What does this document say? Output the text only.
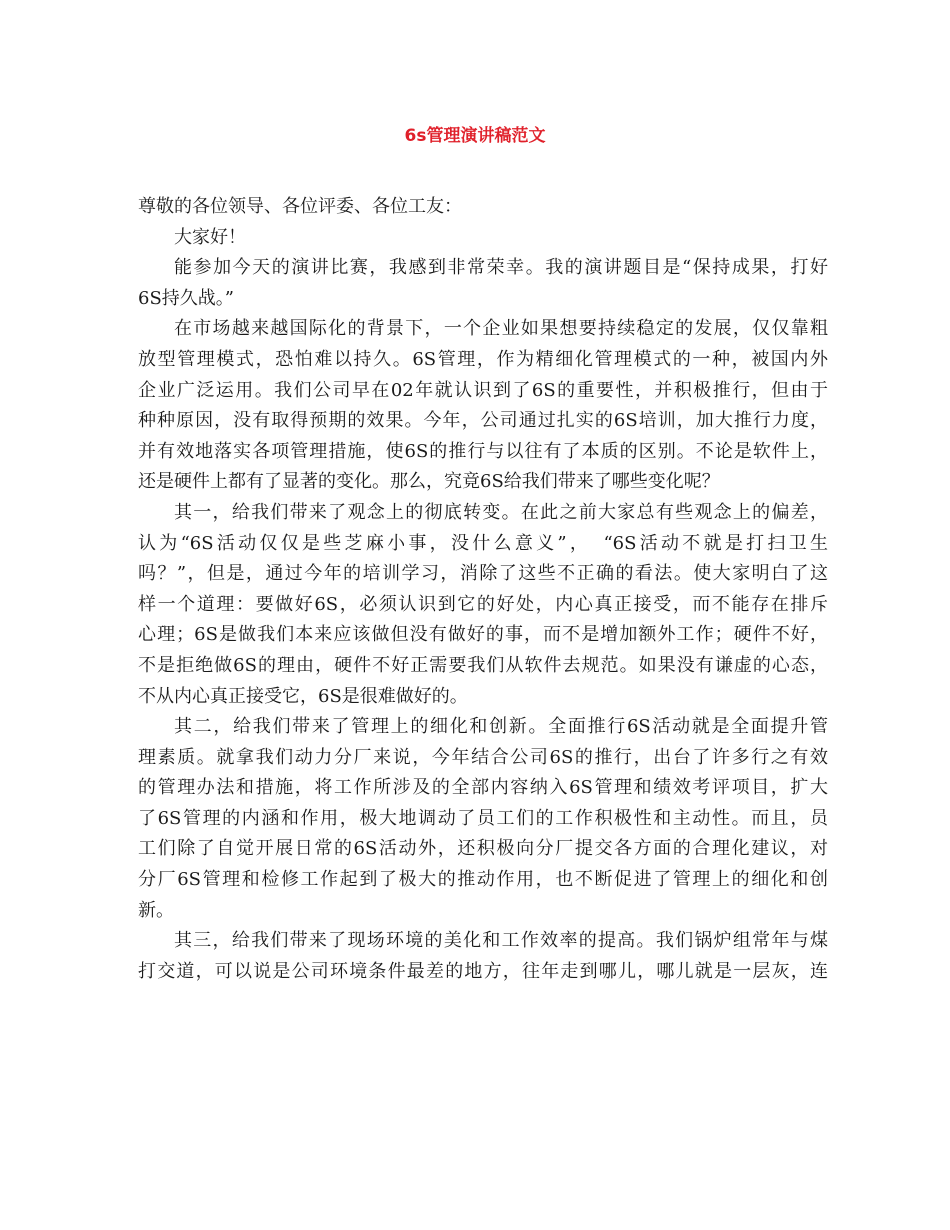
6s管理演讲稿范文
尊敬的各位领导、各位评委、各位工友：
大家好！
能参加今天的演讲比赛，我感到非常荣幸。我的演讲题目是“保持成果，打好
6S持久战。”
在市场越来越国际化的背景下，一个企业如果想要持续稳定的发展，仅仅靠粗
放型管理模式，恐怕难以持久。6S管理，作为精细化管理模式的一种，被国内外
企业广泛运用。我们公司早在02年就认识到了6S的重要性，并积极推行，但由于
种种原因，没有取得预期的效果。今年，公司通过扎实的6S培训，加大推行力度，
并有效地落实各项管理措施，使6S的推行与以往有了本质的区别。不论是软件上，
还是硬件上都有了显著的变化。那么，究竟6S给我们带来了哪些变化呢？
其一，给我们带来了观念上的彻底转变。在此之前大家总有些观念上的偏差，
认为“6S活动仅仅是些芝麻小事，没什么意义”，　“6S活动不就是打扫卫生
吗？”，但是，通过今年的培训学习，消除了这些不正确的看法。使大家明白了这
样一个道理：要做好6S，必须认识到它的好处，内心真正接受，而不能存在排斥
心理；6S是做我们本来应该做但没有做好的事，而不是增加额外工作；硬件不好，
不是拒绝做6S的理由，硬件不好正需要我们从软件去规范。如果没有谦虚的心态，
不从内心真正接受它，6S是很难做好的。
其二，给我们带来了管理上的细化和创新。全面推行6S活动就是全面提升管
理素质。就拿我们动力分厂来说，今年结合公司6S的推行，出台了许多行之有效
的管理办法和措施，将工作所涉及的全部内容纳入6S管理和绩效考评项目，扩大
了6S管理的内涵和作用，极大地调动了员工们的工作积极性和主动性。而且，员
工们除了自觉开展日常的6S活动外，还积极向分厂提交各方面的合理化建议，对
分厂6S管理和检修工作起到了极大的推动作用，也不断促进了管理上的细化和创
新。
其三，给我们带来了现场环境的美化和工作效率的提高。我们锅炉组常年与煤
打交道，可以说是公司环境条件最差的地方，往年走到哪儿，哪儿就是一层灰，连
